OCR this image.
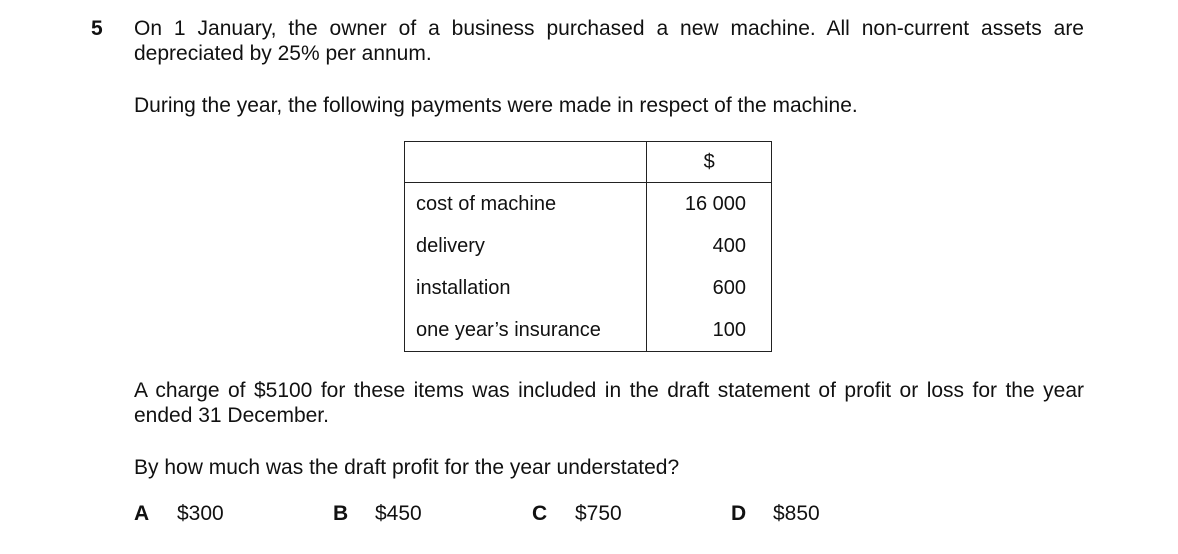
5 On 1 January, the owner of a business purchased a new machine. All non-current assets are depreciated by 25% per annum.
During the year, the following payments were made in respect of the machine.
	$
cost of machine	16 000
delivery	400
installation	600
one year’s insurance	100
A charge of $5100 for these items was included in the draft statement of profit or loss for the year ended 31 December.
By how much was the draft profit for the year understated?
A $300	B $450	C $750	D $850
